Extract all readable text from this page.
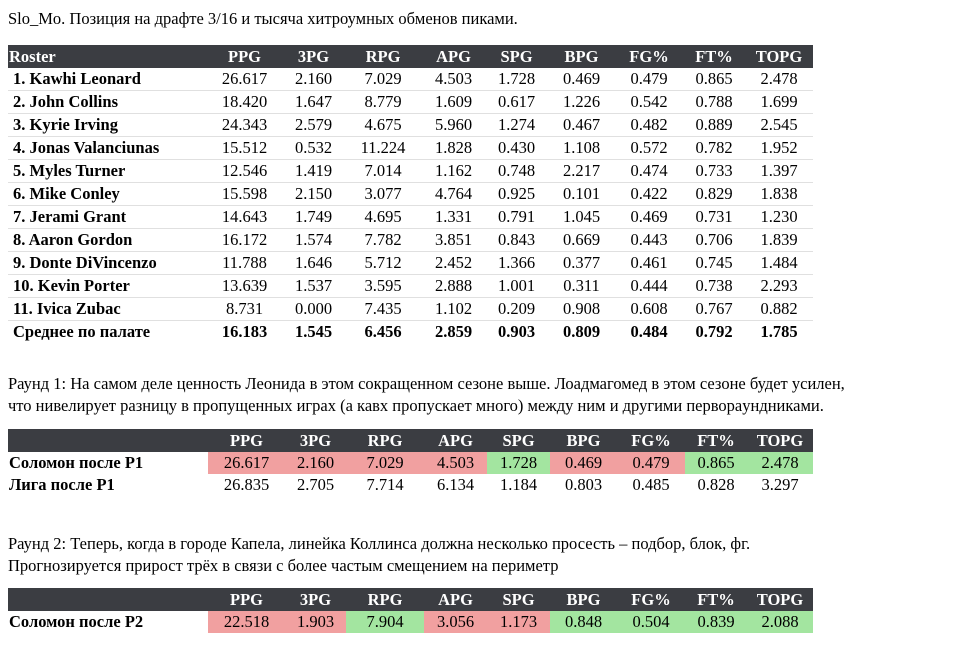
Slo_Mo. Позиция на драфте 3/16 и тысяча хитроумных обменов пиками.
Roster	PPG	3PG	RPG	APG	SPG	BPG	FG%	FT%	TOPG
1. Kawhi Leonard	26.617	2.160	7.029	4.503	1.728	0.469	0.479	0.865	2.478
2. John Collins	18.420	1.647	8.779	1.609	0.617	1.226	0.542	0.788	1.699
3. Kyrie Irving	24.343	2.579	4.675	5.960	1.274	0.467	0.482	0.889	2.545
4. Jonas Valanciunas	15.512	0.532	11.224	1.828	0.430	1.108	0.572	0.782	1.952
5. Myles Turner	12.546	1.419	7.014	1.162	0.748	2.217	0.474	0.733	1.397
6. Mike Conley	15.598	2.150	3.077	4.764	0.925	0.101	0.422	0.829	1.838
7. Jerami Grant	14.643	1.749	4.695	1.331	0.791	1.045	0.469	0.731	1.230
8. Aaron Gordon	16.172	1.574	7.782	3.851	0.843	0.669	0.443	0.706	1.839
9. Donte DiVincenzo	11.788	1.646	5.712	2.452	1.366	0.377	0.461	0.745	1.484
10. Kevin Porter	13.639	1.537	3.595	2.888	1.001	0.311	0.444	0.738	2.293
11. Ivica Zubac	8.731	0.000	7.435	1.102	0.209	0.908	0.608	0.767	0.882
Среднее по палате	16.183	1.545	6.456	2.859	0.903	0.809	0.484	0.792	1.785
Раунд 1: На самом деле ценность Леонида в этом сокращенном сезоне выше. Лоадмагомед в этом сезоне будет усилен,
что нивелирует разницу в пропущенных играх (а кавх пропускает много) между ним и другими перворaундниками.
	PPG	3PG	RPG	APG	SPG	BPG	FG%	FT%	TOPG
Соломон после Р1	26.617	2.160	7.029	4.503	1.728	0.469	0.479	0.865	2.478
Лига после Р1	26.835	2.705	7.714	6.134	1.184	0.803	0.485	0.828	3.297
Раунд 2: Теперь, когда в городе Капела, линейка Коллинса должна несколько просесть – подбор, блок, фг.
Прогнозируется прирост трёх в связи с более частым смещением на периметр
	PPG	3PG	RPG	APG	SPG	BPG	FG%	FT%	TOPG
Соломон после Р2	22.518	1.903	7.904	3.056	1.173	0.848	0.504	0.839	2.088
